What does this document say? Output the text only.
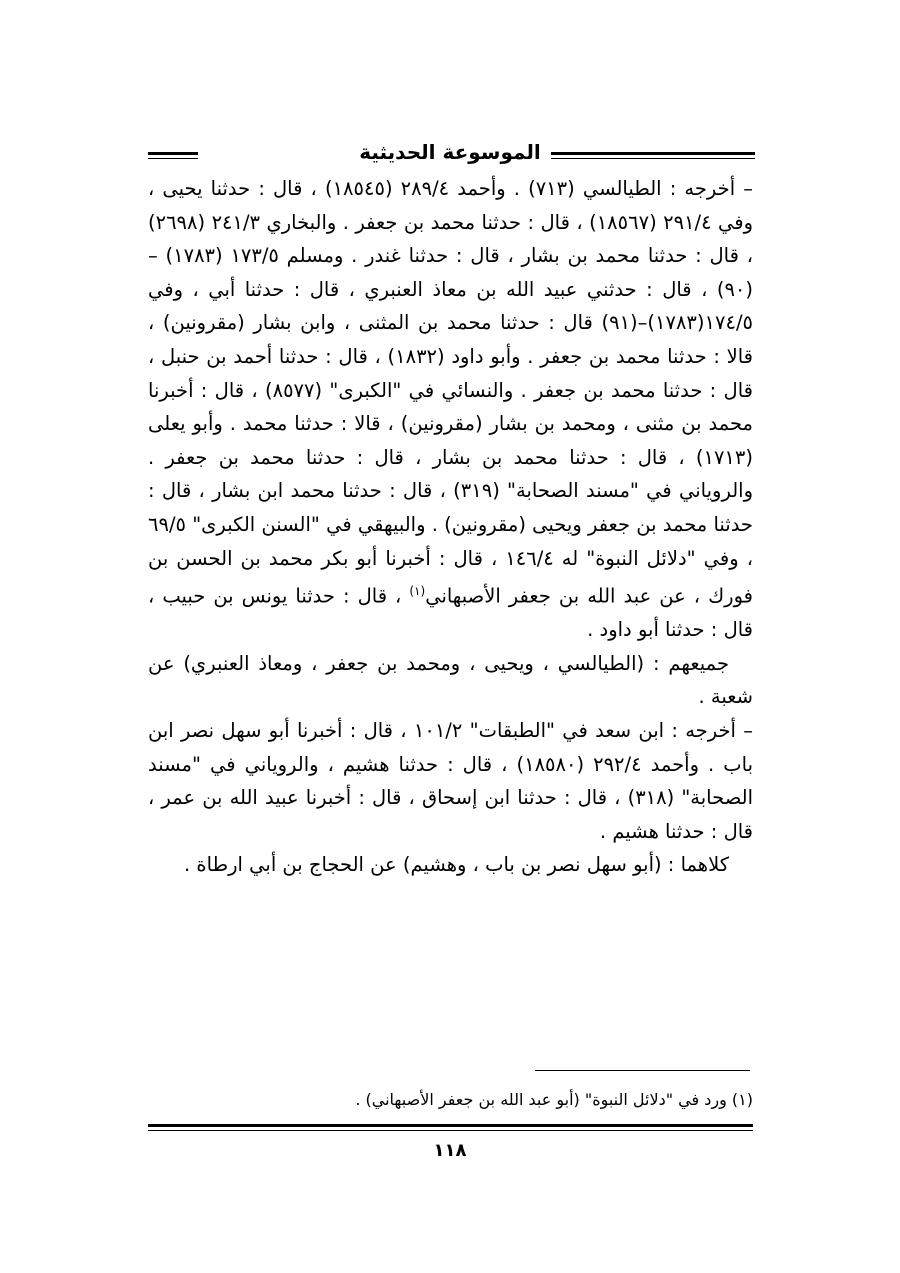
الموسوعة الحديثية

– أخرجه : الطيالسي (٧١٣) . وأحمد ٢٨٩/٤ (١٨٥٤٥) ، قال : حدثنا يحيى ، وفي ٢٩١/٤ (١٨٥٦٧) ، قال : حدثنا محمد بن جعفر . والبخاري ٢٤١/٣ (٢٦٩٨) ، قال : حدثنا محمد بن بشار ، قال : حدثنا غندر . ومسلم ١٧٣/٥ (١٧٨٣) – (٩٠) ، قال : حدثني عبيد الله بن معاذ العنبري ، قال : حدثنا أبي ، وفي ١٧٤/٥(١٧٨٣)–(٩١) قال : حدثنا محمد بن المثنى ، وابن بشار (مقرونين) ، قالا : حدثنا محمد بن جعفر . وأبو داود (١٨٣٢) ، قال : حدثنا أحمد بن حنبل ، قال : حدثنا محمد بن جعفر . والنسائي في "الكبرى" (٨٥٧٧) ، قال : أخبرنا محمد بن مثنى ، ومحمد بن بشار (مقرونين) ، قالا : حدثنا محمد . وأبو يعلى (١٧١٣) ، قال : حدثنا محمد بن بشار ، قال : حدثنا محمد بن جعفر . والروياني في "مسند الصحابة" (٣١٩) ، قال : حدثنا محمد ابن بشار ، قال : حدثنا محمد بن جعفر ويحيى (مقرونين) . والبيهقي في "السنن الكبرى" ٦٩/٥ ، وفي "دلائل النبوة" له ١٤٦/٤ ، قال : أخبرنا أبو بكر محمد بن الحسن بن فورك ، عن عبد الله بن جعفر الأصبهاني$^{(١)}$ ، قال : حدثنا يونس بن حبيب ، قال : حدثنا أبو داود .

جميعهم : (الطيالسي ، ويحيى ، ومحمد بن جعفر ، ومعاذ العنبري) عن شعبة .

– أخرجه : ابن سعد في "الطبقات" ١٠١/٢ ، قال : أخبرنا أبو سهل نصر ابن باب . وأحمد ٢٩٢/٤ (١٨٥٨٠) ، قال : حدثنا هشيم ، والروياني في "مسند الصحابة" (٣١٨) ، قال : حدثنا ابن إسحاق ، قال : أخبرنا عبيد الله بن عمر ، قال : حدثنا هشيم .

كلاهما : (أبو سهل نصر بن باب ، وهشيم) عن الحجاج بن أبي ارطاة .

(١) ورد في "دلائل النبوة" (أبو عبد الله بن جعفر الأصبهاني) .
١١٨
